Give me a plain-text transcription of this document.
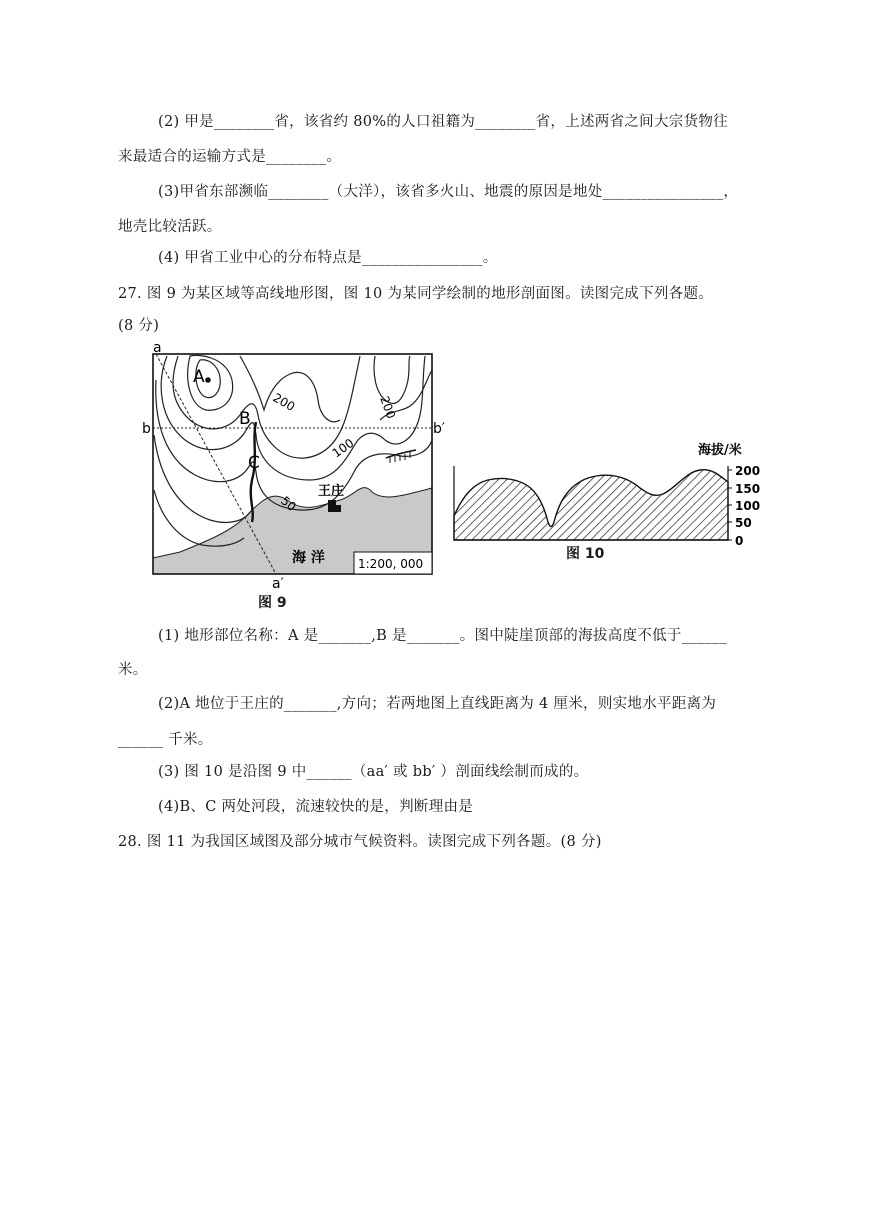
(2) 甲是________省，该省约 80%的人口祖籍为________省，上述两省之间大宗货物往
来最适合的运输方式是________。
(3)甲省东部濒临________（大洋），该省多火山、地震的原因是地处________________，
地壳比较活跃。
(4) 甲省工业中心的分布特点是________________。
27. 图 9 为某区域等高线地形图，图 10 为某同学绘制的地形剖面图。读图完成下列各题。
(8 分)
a
a′
b	b′
A
B
C
200	200
100
50
王庄
海 洋	1:200, 000
图 9
海拔/米
200
150
100
50
0
图 10
(1) 地形部位名称：A 是_______,B 是_______。图中陡崖顶部的海拔高度不低于______
米。
(2)A 地位于王庄的_______,方向；若两地图上直线距离为 4 厘米，则实地水平距离为
______ 千米。
(3) 图 10 是沿图 9 中______（aa′ 或 bb′ ）剖面线绘制而成的。
(4)B、C 两处河段，流速较快的是，判断理由是
28. 图 11 为我国区域图及部分城市气候资料。读图完成下列各题。(8 分)
